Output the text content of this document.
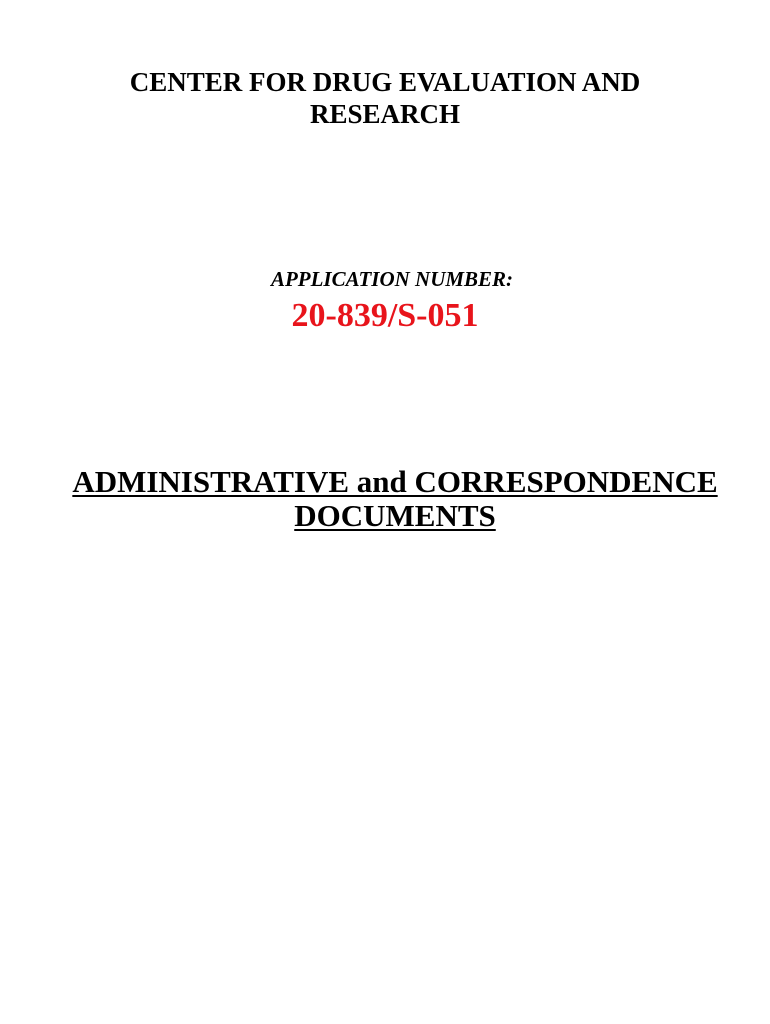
CENTER FOR DRUG EVALUATION AND
RESEARCH
APPLICATION NUMBER:
20-839/S-051
ADMINISTRATIVE and CORRESPONDENCE
DOCUMENTS
